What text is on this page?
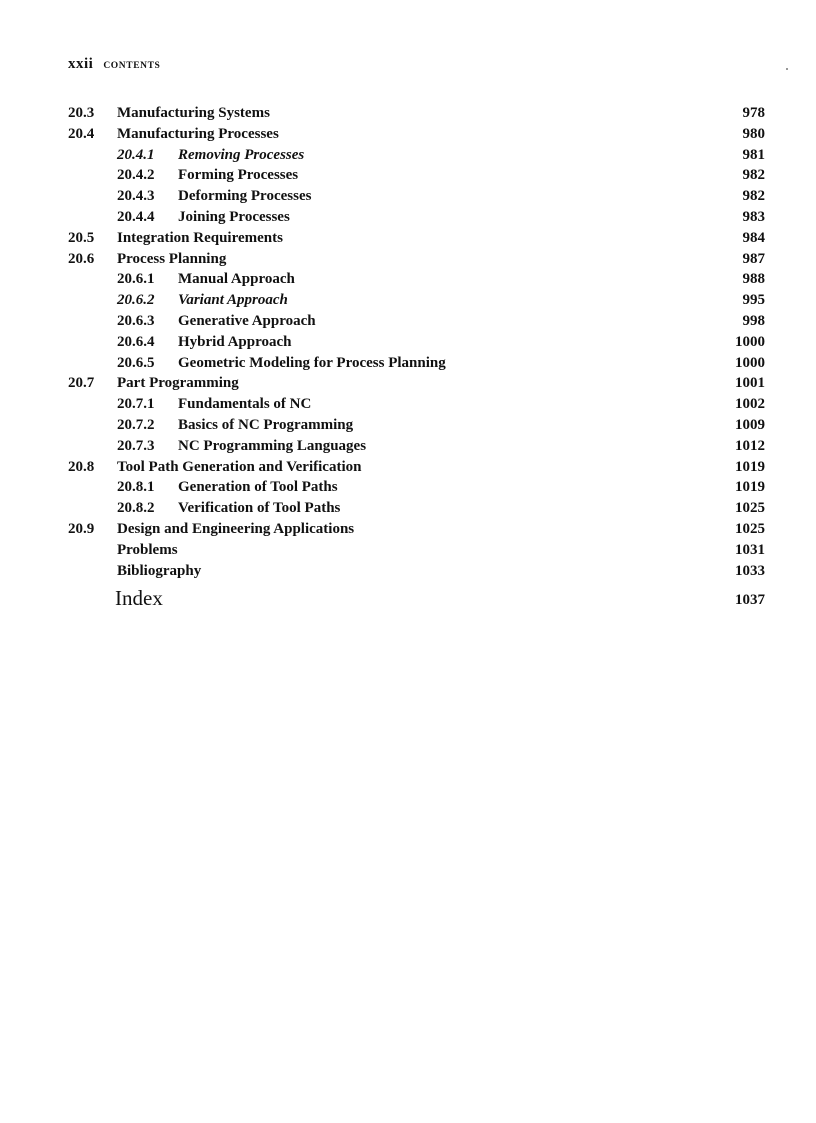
xxii CONTENTS
20.3 Manufacturing Systems	978
20.4 Manufacturing Processes	980
20.4.1 Removing Processes	981
20.4.2 Forming Processes	982
20.4.3 Deforming Processes	982
20.4.4 Joining Processes	983
20.5 Integration Requirements	984
20.6 Process Planning	987
20.6.1 Manual Approach	988
20.6.2 Variant Approach	995
20.6.3 Generative Approach	998
20.6.4 Hybrid Approach	1000
20.6.5 Geometric Modeling for Process Planning	1000
20.7 Part Programming	1001
20.7.1 Fundamentals of NC	1002
20.7.2 Basics of NC Programming	1009
20.7.3 NC Programming Languages	1012
20.8 Tool Path Generation and Verification	1019
20.8.1 Generation of Tool Paths	1019
20.8.2 Verification of Tool Paths	1025
20.9 Design and Engineering Applications	1025
Problems	1031
Bibliography	1033
Index	1037
